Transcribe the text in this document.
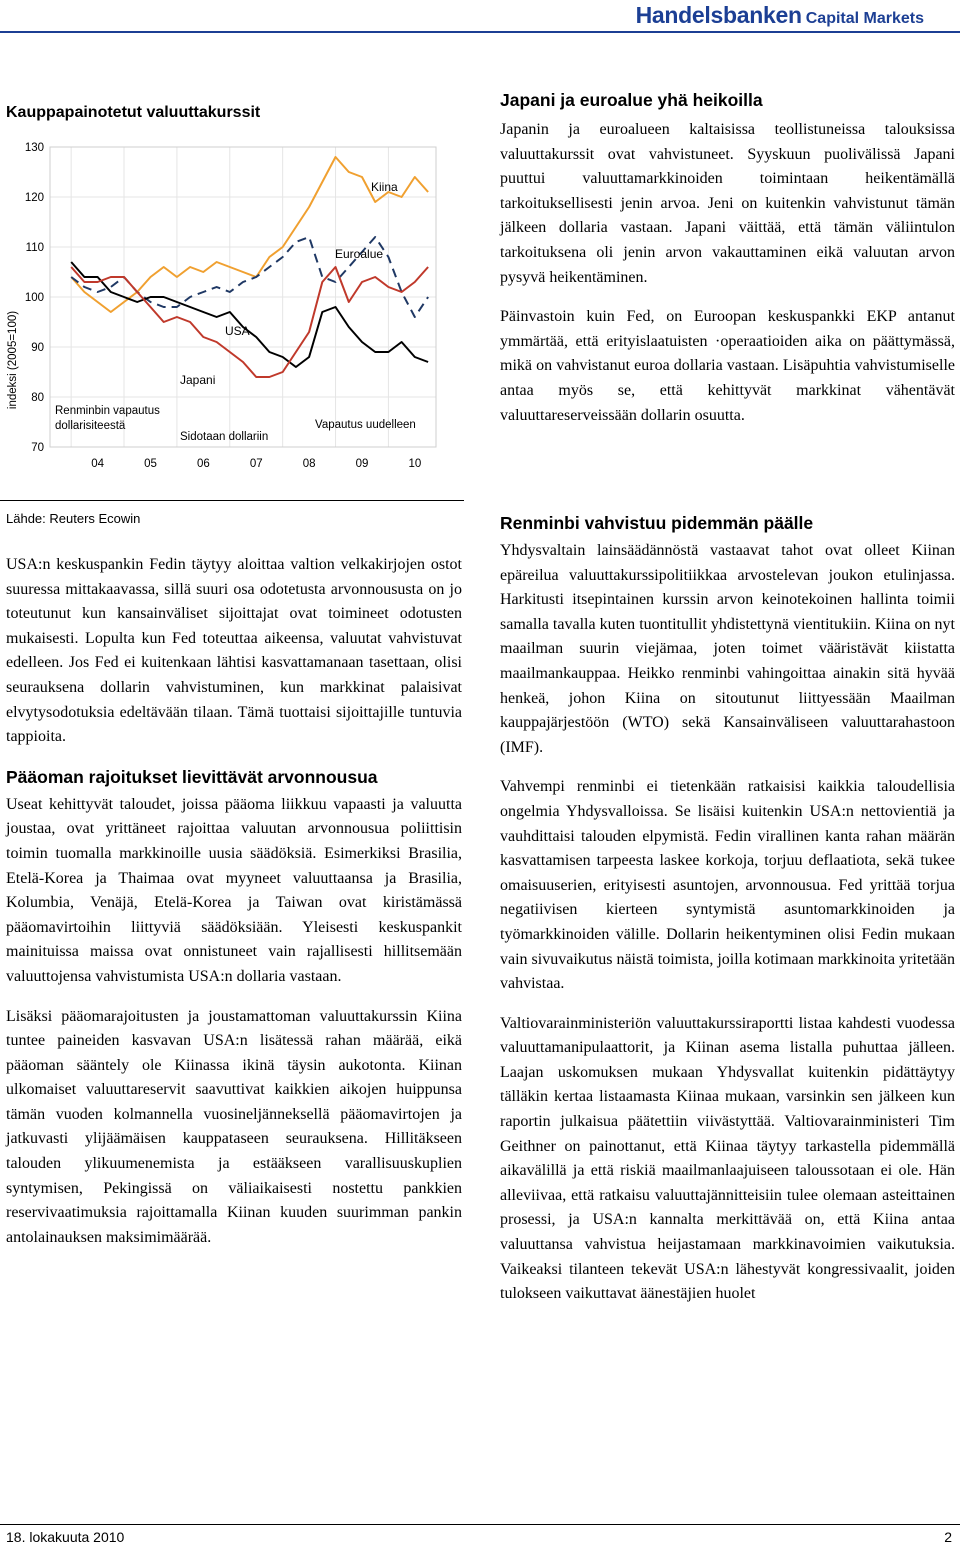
Handelsbanken Capital Markets
Kauppapainotetut valuuttakurssit
130
120
110
100
90
80
70
04	05	06	07	08	09	10
indeksi (2005=100)
Kiina
Euroalue
USA
Japani
Renminbin vapautus dollarisiteestä
Sidotaan dollariin
Vapautus uudelleen
Lähde: Reuters Ecowin
Japani ja euroalue yhä heikoilla

Japanin ja euroalueen kaltaisissa teollistuneissa talouksissa valuuttakurssit ovat vahvistuneet. Syyskuun puolivälissä Japani puuttui valuuttamarkkinoiden toimintaan heikentämällä tarkoituksellisesti jenin arvoa. Jeni on kuitenkin vahvistunut tämän jälkeen dollaria vastaan. Japani väittää, että tämän väliintulon tarkoituksena oli jenin arvon vakauttaminen eikä valuutan arvon pysyvä heikentäminen.

Päinvastoin kuin Fed, on Euroopan keskuspankki EKP antanut ymmärtää, että erityislaatuisten ·operaatioiden aika on päättymässä, mikä on vahvistanut euroa dollaria vastaan. Lisäpuhtia vahvistumiselle antaa myös se, että kehittyvät markkinat vähentävät valuuttareserveissään dollarin osuutta.

USA:n keskuspankin Fedin täytyy aloittaa valtion velkakirjojen ostot suuressa mittakaavassa, sillä suuri osa odotetusta arvonnoususta on jo toteutunut kun kansainväliset sijoittajat ovat toimineet odotusten mukaisesti. Lopulta kun Fed toteuttaa aikeensa, valuutat vahvistuvat edelleen. Jos Fed ei kuitenkaan lähtisi kasvattamanaan tasettaan, olisi seurauksena dollarin vahvistuminen, kun markkinat palaisivat elvytysodotuksia edeltävään tilaan. Tämä tuottaisi sijoittajille tuntuvia tappioita.

Pääoman rajoitukset lievittävät arvonnousua

Useat kehittyvät taloudet, joissa pääoma liikkuu vapaasti ja valuutta joustaa, ovat yrittäneet rajoittaa valuutan arvonnousua poliittisin toimin tuomalla markkinoille uusia säädöksiä. Esimerkiksi Brasilia, Etelä-Korea ja Thaimaa ovat myyneet valuuttaansa ja Brasilia, Kolumbia, Venäjä, Etelä-Korea ja Taiwan ovat kiristämässä pääomavirtoihin liittyviä säädöksiään. Yleisesti keskuspankit mainituissa maissa ovat onnistuneet vain rajallisesti hillitsemään valuuttojensa vahvistumista USA:n dollaria vastaan.

Lisäksi pääomarajoitusten ja joustamattoman valuuttakurssin Kiina tuntee paineiden kasvavan USA:n lisätessä rahan määrää, eikä pääoman sääntely ole Kiinassa ikinä täysin aukotonta. Kiinan ulkomaiset valuuttareservit saavuttivat kaikkien aikojen huippunsa tämän vuoden kolmannella vuosineljänneksellä pääomavirtojen ja jatkuvasti ylijäämäisen kauppataseen seurauksena. Hillitäkseen talouden ylikuumenemista ja estääkseen varallisuuskuplien syntymisen, Pekingissä on väliaikaisesti nostettu pankkien reservivaatimuksia rajoittamalla Kiinan kuuden suurimman pankin antolainauksen maksimimäärää.

Renminbi vahvistuu pidemmän päälle

Yhdysvaltain lainsäädännöstä vastaavat tahot ovat olleet Kiinan epäreilua valuuttakurssipolitiikkaa arvostelevan joukon etulinjassa. Harkitusti itsepintainen kurssin arvon keinotekoinen hallinta toimii samalla tavalla kuten tuontitullit yhdistettynä vientitukiin. Kiina on nyt maailman suurin viejämaa, joten toimet vääristävät kiistatta maailmankauppaa. Heikko renminbi vahingoittaa ainakin sitä hyvää henkeä, johon Kiina on sitoutunut liittyessään Maailman kauppajärjestöön (WTO) sekä Kansainväliseen valuuttarahastoon (IMF).

Vahvempi renminbi ei tietenkään ratkaisisi kaikkia taloudellisia ongelmia Yhdysvalloissa. Se lisäisi kuitenkin USA:n nettovientiä ja vauhdittaisi talouden elpymistä. Fedin virallinen kanta rahan määrän kasvattamisen tarpeesta laskee korkoja, torjuu deflaatiota, sekä tukee omaisuuserien, erityisesti asuntojen, arvonnousua. Fed yrittää torjua negatiivisen kierteen syntymistä asuntomarkkinoiden ja työmarkkinoiden välille. Dollarin heikentyminen olisi Fedin mukaan vain sivuvaikutus näistä toimista, joilla kotimaan markkinoita yritetään vahvistaa.

Valtiovarainministeriön valuuttakurssiraportti listaa kahdesti vuodessa valuuttamanipulaattorit, ja Kiinan asema listalla puhuttaa jälleen. Laajan uskomuksen mukaan Yhdysvallat kuitenkin pidättäytyy tälläkin kertaa listaamasta Kiinaa mukaan, varsinkin sen jälkeen kun raportin julkaisua päätettiin viivästyttää. Valtiovarainministeri Tim Geithner on painottanut, että Kiinaa täytyy tarkastella pidemmällä aikavälillä ja että riskiä maailmanlaajuiseen taloussotaan ei ole. Hän alleviivaa, että ratkaisu valuuttajännitteisiin tulee olemaan asteittainen prosessi, ja USA:n kannalta merkittävää on, että Kiina antaa valuuttansa vahvistua heijastamaan markkinavoimien vaikutuksia. Vaikeaksi tilanteen tekevät USA:n lähestyvät kongressivaalit, joiden tulokseen vaikuttavat äänestäjien huolet

18. lokakuuta 2010	2
